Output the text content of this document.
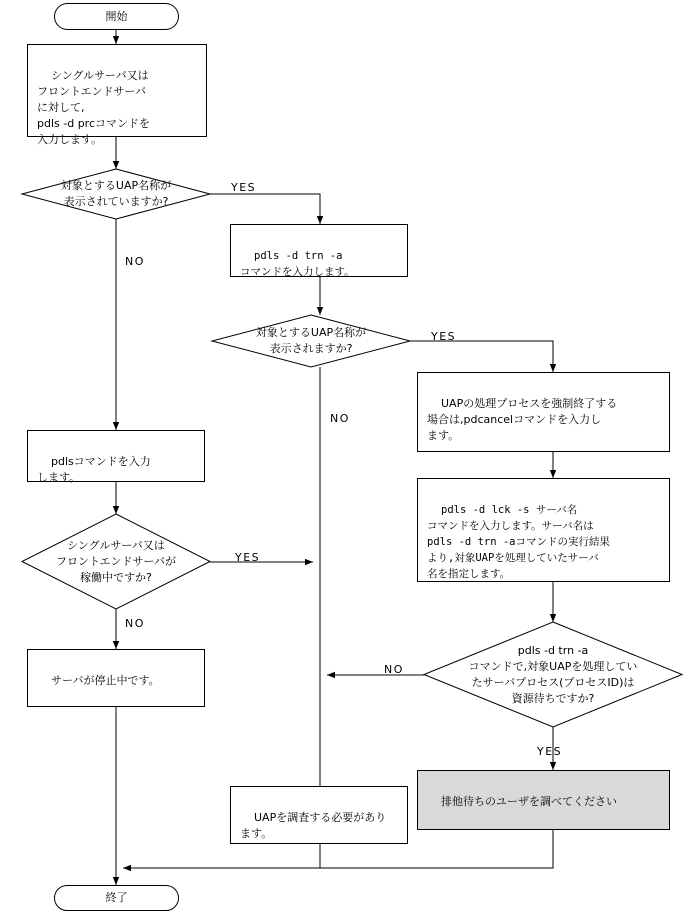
開始

シングルサーバ又は
フロントエンドサーバ
に対して,
pdls -d prcコマンドを
入力します。

対象とするUAP名称が
表示されていますか?
YES
NO	pdls -d trn -a
コマンドを入力します。

対象とするUAP名称が
表示されますか?
YES
NO

UAPの処理プロセスを強制終了する
場合は,pdcancelコマンドを入力し
ます。

pdls -d lck -s サーバ名
コマンドを入力します。サーバ名は
pdls -d trn -aコマンドの実行結果
より,対象UAPを処理していたサーバ
名を指定します。

pdlsコマンドを入力
します。

シングルサーバ又は
フロントエンドサーバが
稼働中ですか?
YES
NO

サーバが停止中です。

pdls -d trn -a
コマンドで,対象UAPを処理してい
たサーバプロセス(プロセスID)は
資源待ちですか?
NO
YES

UAPを調査する必要があり
ます。

排他待ちのユーザを調べてください

終了
